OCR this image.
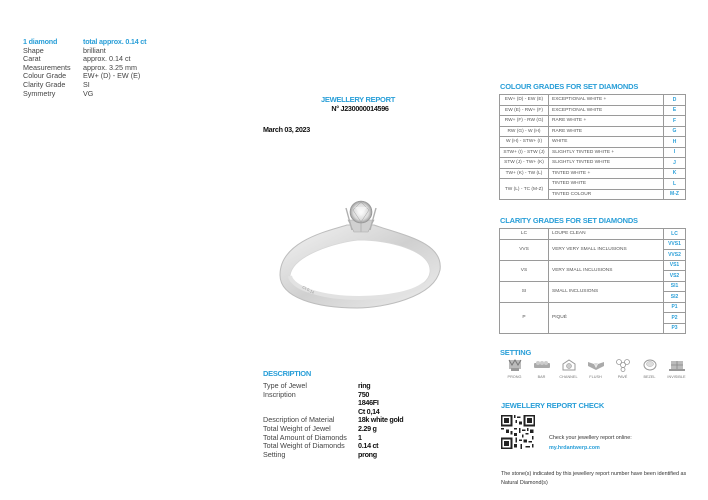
1 diamond	total approx. 0.14 ct
Shape	brilliant
Carat	approx. 0.14 ct
Measurements	approx. 3.25 mm
Colour Grade	EW+ (D) - EW (E)
Clarity Grade	SI
Symmetry	VG
JEWELLERY REPORT
N° J230000014596
March 03, 2023
Ct 0,14
DESCRIPTION
Type of Jewel	ring
Inscription	750
1846FI
Ct 0,14
Description of Material	18k white gold
Total Weight of Jewel	2.29 g
Total Amount of Diamonds	1
Total Weight of Diamonds	0.14 ct
Setting	prong
COLOUR GRADES FOR SET DIAMONDS
EW+ (D) - EW (E)	EXCEPTIONAL WHITE +	D
EW (E) - RW+ (F)	EXCEPTIONAL WHITE	E
RW+ (F) - RW (G)	RARE WHITE +	F
RW (G) - W (H)	RARE WHITE	G
W (H) - STW+ (I)	WHITE	H
STW+ (I) - STW (J)	SLIGHTLY TINTED WHITE +	I
STW (J) - TW+ (K)	SLIGHTLY TINTED WHITE	J
TW+ (K) - TW (L)	TINTED WHITE +	K
TW (L) - TC (M-Z)	TINTED WHITE	L
	TINTED COLOUR	M-Z
CLARITY GRADES FOR SET DIAMONDS
LC	LOUPE CLEAN	LC
VVS	VERY VERY SMALL INCLUSIONS	VVS1
		VVS2
VS	VERY SMALL INCLUSIONS	VS1
		VS2
SI	SMALL INCLUSIONS	SI1
		SI2
P	PIQUÉ	P1
		P2
		P3
SETTING
PRONG	BAR	CHANNEL	FLUSH	PAVÉ	BEZEL	INVISIBLE
JEWELLERY REPORT CHECK
Check your jewellery report online:
my.hrdantwerp.com
The stone(s) indicated by this jewellery report number have been identified as Natural Diamond(s)
